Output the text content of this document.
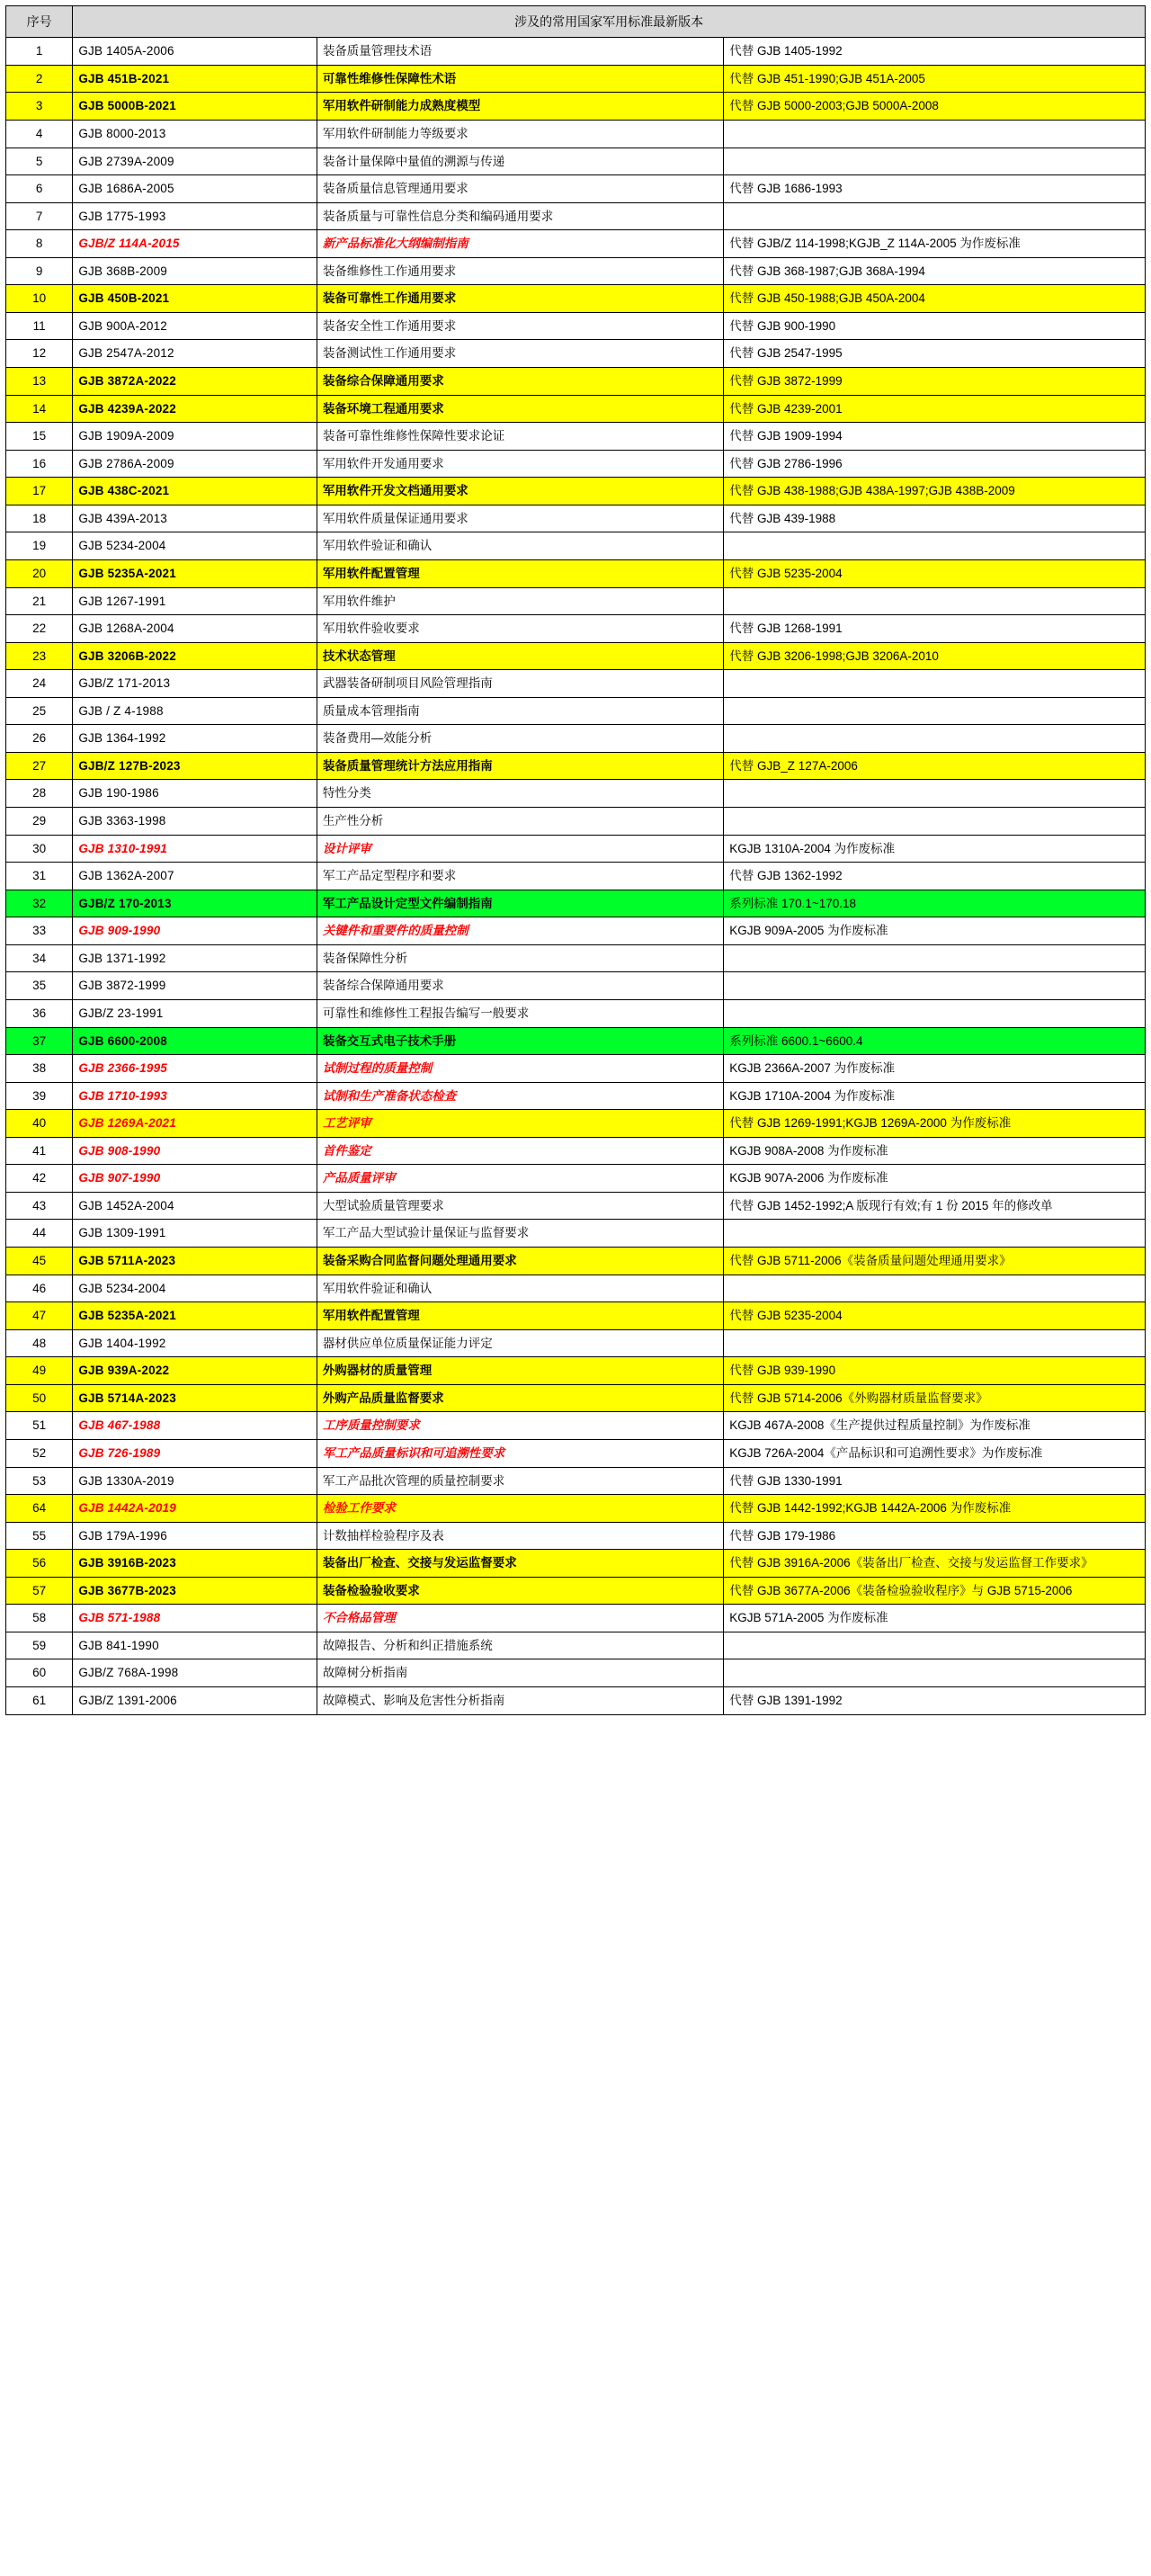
序号	涉及的常用国家军用标准最新版本		
1	GJB 1405A-2006	装备质量管理技术语	代替 GJB 1405-1992
2	GJB 451B-2021	可靠性维修性保障性术语	代替 GJB 451-1990;GJB 451A-2005
3	GJB 5000B-2021	军用软件研制能力成熟度模型	代替 GJB 5000-2003;GJB 5000A-2008
4	GJB 8000-2013	军用软件研制能力等级要求	
5	GJB 2739A-2009	装备计量保障中量值的溯源与传递	
6	GJB 1686A-2005	装备质量信息管理通用要求	代替 GJB 1686-1993
7	GJB 1775-1993	装备质量与可靠性信息分类和编码通用要求	
8	GJB/Z 114A-2015	新产品标准化大纲编制指南	代替 GJB/Z 114-1998;KGJB_Z 114A-2005 为作废标准
9	GJB 368B-2009	装备维修性工作通用要求	代替 GJB 368-1987;GJB 368A-1994
10	GJB 450B-2021	装备可靠性工作通用要求	代替 GJB 450-1988;GJB 450A-2004
11	GJB 900A-2012	装备安全性工作通用要求	代替 GJB 900-1990
12	GJB 2547A-2012	装备测试性工作通用要求	代替 GJB 2547-1995
13	GJB 3872A-2022	装备综合保障通用要求	代替 GJB 3872-1999
14	GJB 4239A-2022	装备环境工程通用要求	代替 GJB 4239-2001
15	GJB 1909A-2009	装备可靠性维修性保障性要求论证	代替 GJB 1909-1994
16	GJB 2786A-2009	军用软件开发通用要求	代替 GJB 2786-1996
17	GJB 438C-2021	军用软件开发文档通用要求	代替 GJB 438-1988;GJB 438A-1997;GJB 438B-2009
18	GJB 439A-2013	军用软件质量保证通用要求	代替 GJB 439-1988
19	GJB 5234-2004	军用软件验证和确认	
20	GJB 5235A-2021	军用软件配置管理	代替 GJB 5235-2004
21	GJB 1267-1991	军用软件维护	
22	GJB 1268A-2004	军用软件验收要求	代替 GJB 1268-1991
23	GJB 3206B-2022	技术状态管理	代替 GJB 3206-1998;GJB 3206A-2010
24	GJB/Z 171-2013	武器装备研制项目风险管理指南	
25	GJB / Z 4-1988	质量成本管理指南	
26	GJB 1364-1992	装备费用—效能分析	
27	GJB/Z 127B-2023	装备质量管理统计方法应用指南	代替 GJB_Z 127A-2006
28	GJB 190-1986	特性分类	
29	GJB 3363-1998	生产性分析	
30	GJB 1310-1991	设计评审	KGJB 1310A-2004 为作废标准
31	GJB 1362A-2007	军工产品定型程序和要求	代替 GJB 1362-1992
32	GJB/Z 170-2013	军工产品设计定型文件编制指南	系列标准 170.1~170.18
33	GJB 909-1990	关键件和重要件的质量控制	KGJB 909A-2005 为作废标准
34	GJB 1371-1992	装备保障性分析	
35	GJB 3872-1999	装备综合保障通用要求	
36	GJB/Z 23-1991	可靠性和维修性工程报告编写一般要求	
37	GJB 6600-2008	装备交互式电子技术手册	系列标准 6600.1~6600.4
38	GJB 2366-1995	试制过程的质量控制	KGJB 2366A-2007 为作废标准
39	GJB 1710-1993	试制和生产准备状态检查	KGJB 1710A-2004 为作废标准
40	GJB 1269A-2021	工艺评审	代替 GJB 1269-1991;KGJB 1269A-2000 为作废标准
41	GJB 908-1990	首件鉴定	KGJB 908A-2008 为作废标准
42	GJB 907-1990	产品质量评审	KGJB 907A-2006 为作废标准
43	GJB 1452A-2004	大型试验质量管理要求	代替 GJB 1452-1992;A 版现行有效;有 1 份 2015 年的修改单
44	GJB 1309-1991	军工产品大型试验计量保证与监督要求	
45	GJB 5711A-2023	装备采购合同监督问题处理通用要求	代替 GJB 5711-2006《装备质量问题处理通用要求》
46	GJB 5234-2004	军用软件验证和确认	
47	GJB 5235A-2021	军用软件配置管理	代替 GJB 5235-2004
48	GJB 1404-1992	器材供应单位质量保证能力评定	
49	GJB 939A-2022	外购器材的质量管理	代替 GJB 939-1990
50	GJB 5714A-2023	外购产品质量监督要求	代替 GJB 5714-2006《外购器材质量监督要求》
51	GJB 467-1988	工序质量控制要求	KGJB 467A-2008《生产提供过程质量控制》为作废标准
52	GJB 726-1989	军工产品质量标识和可追溯性要求	KGJB 726A-2004《产品标识和可追溯性要求》为作废标准
53	GJB 1330A-2019	军工产品批次管理的质量控制要求	代替 GJB 1330-1991
64	GJB 1442A-2019	检验工作要求	代替 GJB 1442-1992;KGJB 1442A-2006 为作废标准
55	GJB 179A-1996	计数抽样检验程序及表	代替 GJB 179-1986
56	GJB 3916B-2023	装备出厂检查、交接与发运监督要求	代替 GJB 3916A-2006《装备出厂检查、交接与发运监督工作要求》
57	GJB 3677B-2023	装备检验验收要求	代替 GJB 3677A-2006《装备检验验收程序》与 GJB 5715-2006
58	GJB 571-1988	不合格品管理	KGJB 571A-2005 为作废标准
59	GJB 841-1990	故障报告、分析和纠正措施系统	
60	GJB/Z 768A-1998	故障树分析指南	
61	GJB/Z 1391-2006	故障模式、影响及危害性分析指南	代替 GJB 1391-1992
